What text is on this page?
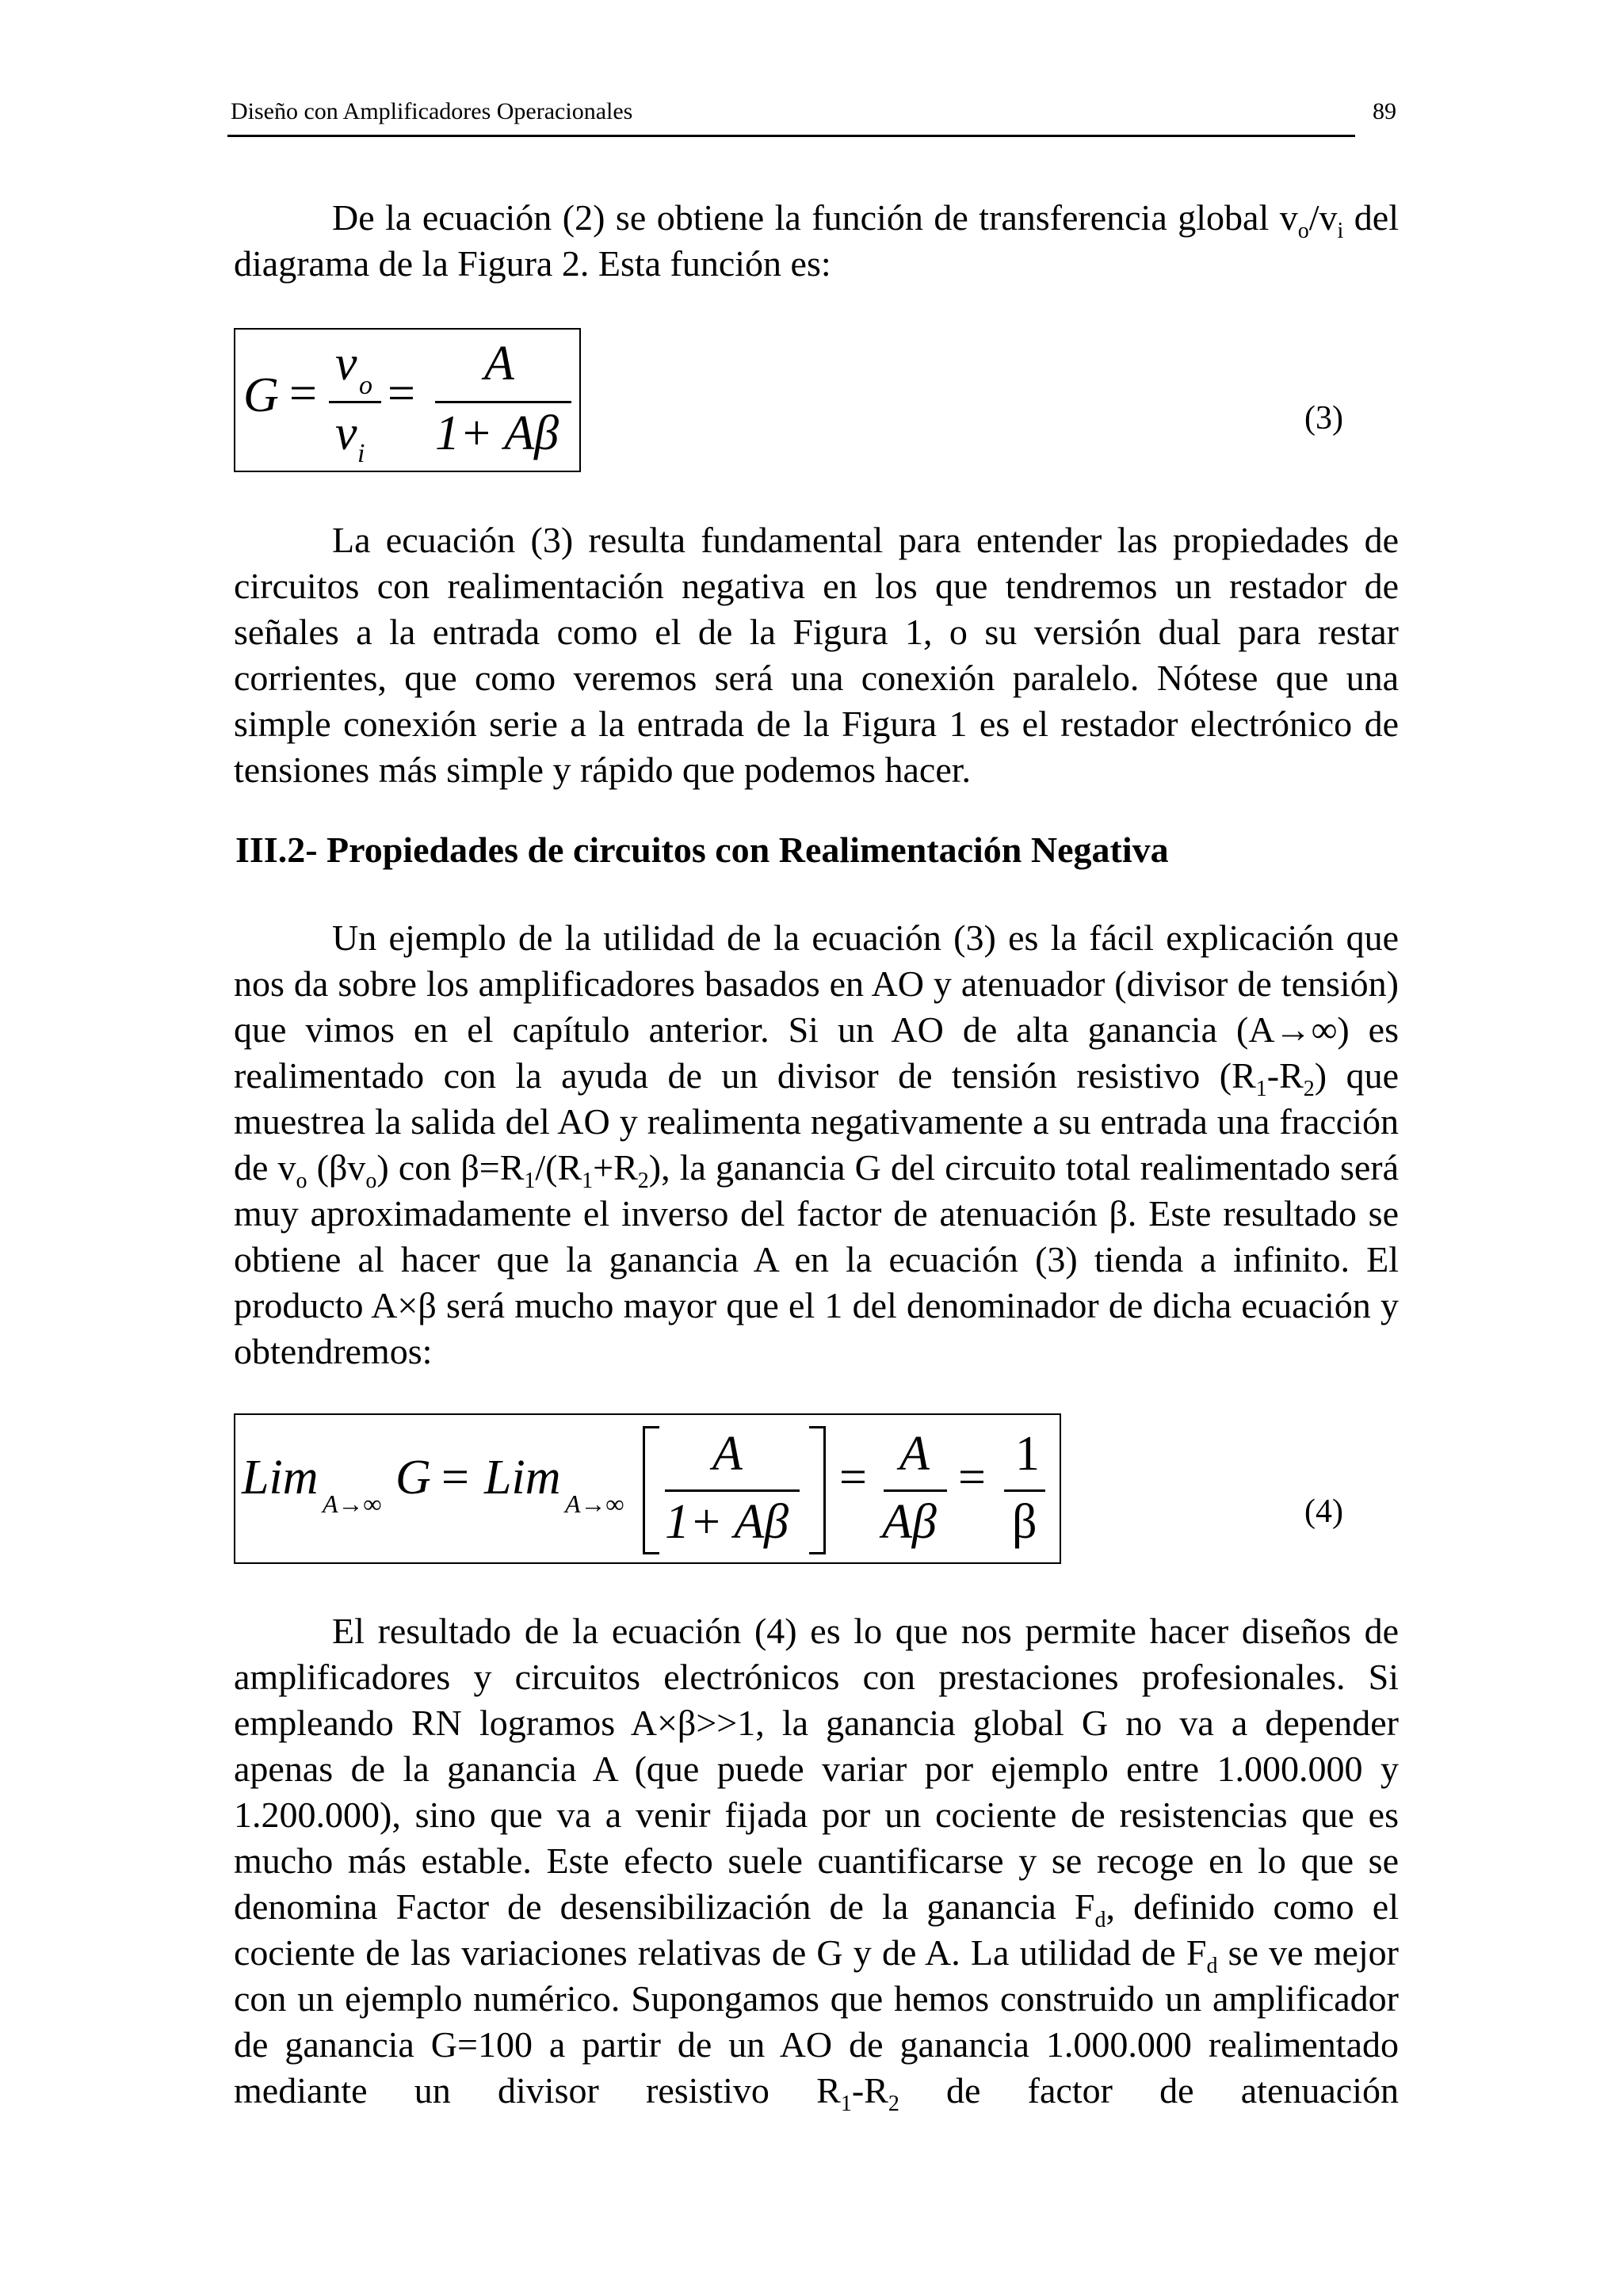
Diseño con Amplificadores Operacionales	89

De la ecuación (2) se obtiene la función de transferencia global $v_o/v_i$ del diagrama de la Figura 2. Esta función es:

G =
v o
v i
=
A
1+ Aβ	(3)

La ecuación (3) resulta fundamental para entender las propiedades de circuitos con realimentación negativa en los que tendremos un restador de señales a la entrada como el de la Figura 1, o su versión dual para restar corrientes, que como veremos será una conexión paralelo. Nótese que una simple conexión serie a la entrada de la Figura 1 es el restador electrónico de tensiones más simple y rápido que podemos hacer.

III.2- Propiedades de circuitos con Realimentación Negativa

Un ejemplo de la utilidad de la ecuación (3) es la fácil explicación que nos da sobre los amplificadores basados en AO y atenuador (divisor de tensión) que vimos en el capítulo anterior. Si un AO de alta ganancia (A→∞) es realimentado con la ayuda de un divisor de tensión resistivo $(R_1-R_2)$ que muestrea la salida del AO y realimenta negativamente a su entrada una fracción de $v_o$ $(\beta v_o)$ con $\beta=R_1/(R_1+R_2)$, la ganancia G del circuito total realimentado será muy aproximadamente el inverso del factor de atenuación β. Este resultado se obtiene al hacer que la ganancia A en la ecuación (3) tienda a infinito. El producto A×β será mucho mayor que el 1 del denominador de dicha ecuación y obtendremos:

Lim A→∞ G = Lim A→∞
A
1+ Aβ
= A
Aβ
= 1
β	(4)

El resultado de la ecuación (4) es lo que nos permite hacer diseños de amplificadores y circuitos electrónicos con prestaciones profesionales. Si empleando RN logramos A×β>>1, la ganancia global G no va a depender apenas de la ganancia A (que puede variar por ejemplo entre 1.000.000 y 1.200.000), sino que va a venir fijada por un cociente de resistencias que es mucho más estable. Este efecto suele cuantificarse y se recoge en lo que se denomina Factor de desensibilización de la ganancia $F_d$, definido como el cociente de las variaciones relativas de G y de A. La utilidad de $F_d$ se ve mejor con un ejemplo numérico. Supongamos que hemos construido un amplificador de ganancia G=100 a partir de un AO de ganancia 1.000.000 realimentado mediante un divisor resistivo $R_1-R_2$ de factor de atenuación
